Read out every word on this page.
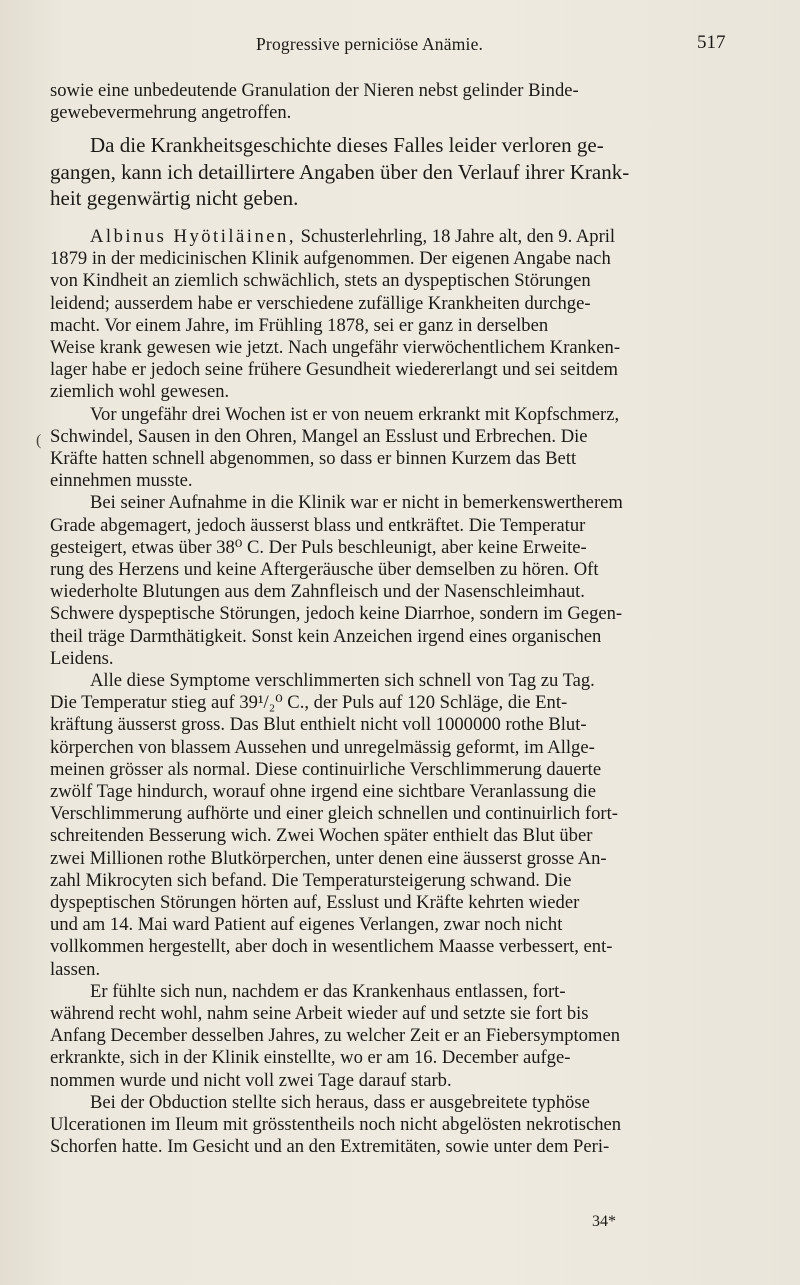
Progressive perniciöse Anämie.	517

sowie eine unbedeutende Granulation der Nieren nebst gelinder Binde-
gewebevermehrung angetroffen.

Da die Krankheitsgeschichte dieses Falles leider verloren ge-
gangen, kann ich detaillirtere Angaben über den Verlauf ihrer Krank-
heit gegenwärtig nicht geben.

Albinus Hyötiläinen, Schusterlehrling, 18 Jahre alt, den 9. April
1879 in der medicinischen Klinik aufgenommen. Der eigenen Angabe nach
von Kindheit an ziemlich schwächlich, stets an dyspeptischen Störungen
leidend; ausserdem habe er verschiedene zufällige Krankheiten durchge-
macht. Vor einem Jahre, im Frühling 1878, sei er ganz in derselben
Weise krank gewesen wie jetzt. Nach ungefähr vierwöchentlichem Kranken-
lager habe er jedoch seine frühere Gesundheit wiedererlangt und sei seitdem
ziemlich wohl gewesen.
Vor ungefähr drei Wochen ist er von neuem erkrankt mit Kopfschmerz,
Schwindel, Sausen in den Ohren, Mangel an Esslust und Erbrechen. Die
Kräfte hatten schnell abgenommen, so dass er binnen Kurzem das Bett
einnehmen musste.
Bei seiner Aufnahme in die Klinik war er nicht in bemerkenswertherem
Grade abgemagert, jedoch äusserst blass und entkräftet. Die Temperatur
gesteigert, etwas über 38⁰ C. Der Puls beschleunigt, aber keine Erweite-
rung des Herzens und keine Aftergeräusche über demselben zu hören. Oft
wiederholte Blutungen aus dem Zahnfleisch und der Nasenschleimhaut.
Schwere dyspeptische Störungen, jedoch keine Diarrhoe, sondern im Gegen-
theil träge Darmthätigkeit. Sonst kein Anzeichen irgend eines organischen
Leidens.
Alle diese Symptome verschlimmerten sich schnell von Tag zu Tag.
Die Temperatur stieg auf 39¹/₂⁰ C., der Puls auf 120 Schläge, die Ent-
kräftung äusserst gross. Das Blut enthielt nicht voll 1000000 rothe Blut-
körperchen von blassem Aussehen und unregelmässig geformt, im Allge-
meinen grösser als normal. Diese continuirliche Verschlimmerung dauerte
zwölf Tage hindurch, worauf ohne irgend eine sichtbare Veranlassung die
Verschlimmerung aufhörte und einer gleich schnellen und continuirlich fort-
schreitenden Besserung wich. Zwei Wochen später enthielt das Blut über
zwei Millionen rothe Blutkörperchen, unter denen eine äusserst grosse An-
zahl Mikrocyten sich befand. Die Temperatursteigerung schwand. Die
dyspeptischen Störungen hörten auf, Esslust und Kräfte kehrten wieder
und am 14. Mai ward Patient auf eigenes Verlangen, zwar noch nicht
vollkommen hergestellt, aber doch in wesentlichem Maasse verbessert, ent-
lassen.
Er fühlte sich nun, nachdem er das Krankenhaus entlassen, fort-
während recht wohl, nahm seine Arbeit wieder auf und setzte sie fort bis
Anfang December desselben Jahres, zu welcher Zeit er an Fiebersymptomen
erkrankte, sich in der Klinik einstellte, wo er am 16. December aufge-
nommen wurde und nicht voll zwei Tage darauf starb.
Bei der Obduction stellte sich heraus, dass er ausgebreitete typhöse
Ulcerationen im Ileum mit grösstentheils noch nicht abgelösten nekrotischen
Schorfen hatte. Im Gesicht und an den Extremitäten, sowie unter dem Peri-

(
34*
